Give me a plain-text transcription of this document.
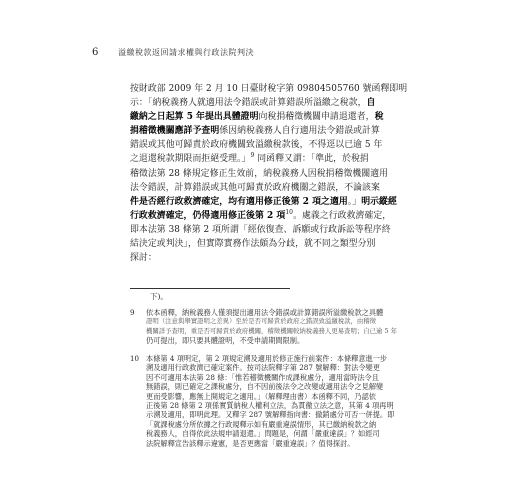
6 溢繳稅款返回請求權與行政法院判決
按財政部 2009 年 2 月 10 日臺財稅字第 09804505760 號函釋即明
示：「納稅義務人就適用法令錯誤或計算錯誤所溢繳之稅款，自
繳納之日起算 5 年提出具體證明向稅捐稽徵機關申請退還者，稅
捐稽徵機關應詳予查明係因納稅義務人自行適用法令錯誤或計算
錯誤或其他可歸責於政府機關致溢繳稅款後，不得逕以已逾 5 年
之退還稅款期限而拒絕受理。」$^9$ 同函釋又謂：「準此，於稅捐
稽徵法第 28 條規定修正生效前，納稅義務人因稅捐稽徵機關適用
法令錯誤，計算錯誤或其他可歸責於政府機關之錯誤，不論該案
件是否經行政救濟確定，均有適用修正後第 2 項之適用。」明示縱經
行政救濟確定，仍得適用修正後第 2 項$^{10}$。處義之行政救濟確定，
即本法第 38 條第 2 項所謂「經依復查、訴願或行政訴訟等程序終
結決定或判決」，但實際實務作法頗為分歧，就不同之類型分別
探討：
下)。
9 依本函釋，納稅義務人僅須提出適用法令錯誤或計算錯誤所溢繳稅款之具體
證明（注意與舉實證明之差異）至於是否可歸責於政府之錯誤致溢繳稅款，由稽徵
機關詳予查明，重是否可歸責於政府機關，稽徵機關較納稅義務人更易查明；自已逾 5 年
仍可提出，即只要具體證明，不受申請期間限制。
10 本條第 4 項明定，第 2 項規定溯及適用於修正施行前案件：本條釋意進一步
溯及適用行政救濟已確定案件。按司法院釋字第 287 號解釋：對法令變更
因不可適用本法第 28 條：「惟若稽徵機關作成課稅處分，適用當時法令且
無錯誤，則已確定之課稅處分，自不因前後法令之改變或適用法令之見解變
更而受影響，應無上開規定之適用。」（解釋理由書）本函釋不同，乃認依
正後第 28 條第 2 項係實質納稅人權利立法，為貫徹立法之意，其第 4 項再明
示溯及適用，即明此理。又釋字 287 號解釋指向書：撤銷處分可否一併提。即
「就課稅處分所依據之行政規釋示如有嚴重違誤情形，其已繳納稅款之納
稅義務人，自得依此法規申請退還。」問題是，何謂「嚴重違誤」？如經司
法院解釋宣告該釋示違憲，是否更應當「嚴重違誤」？值得探討。
